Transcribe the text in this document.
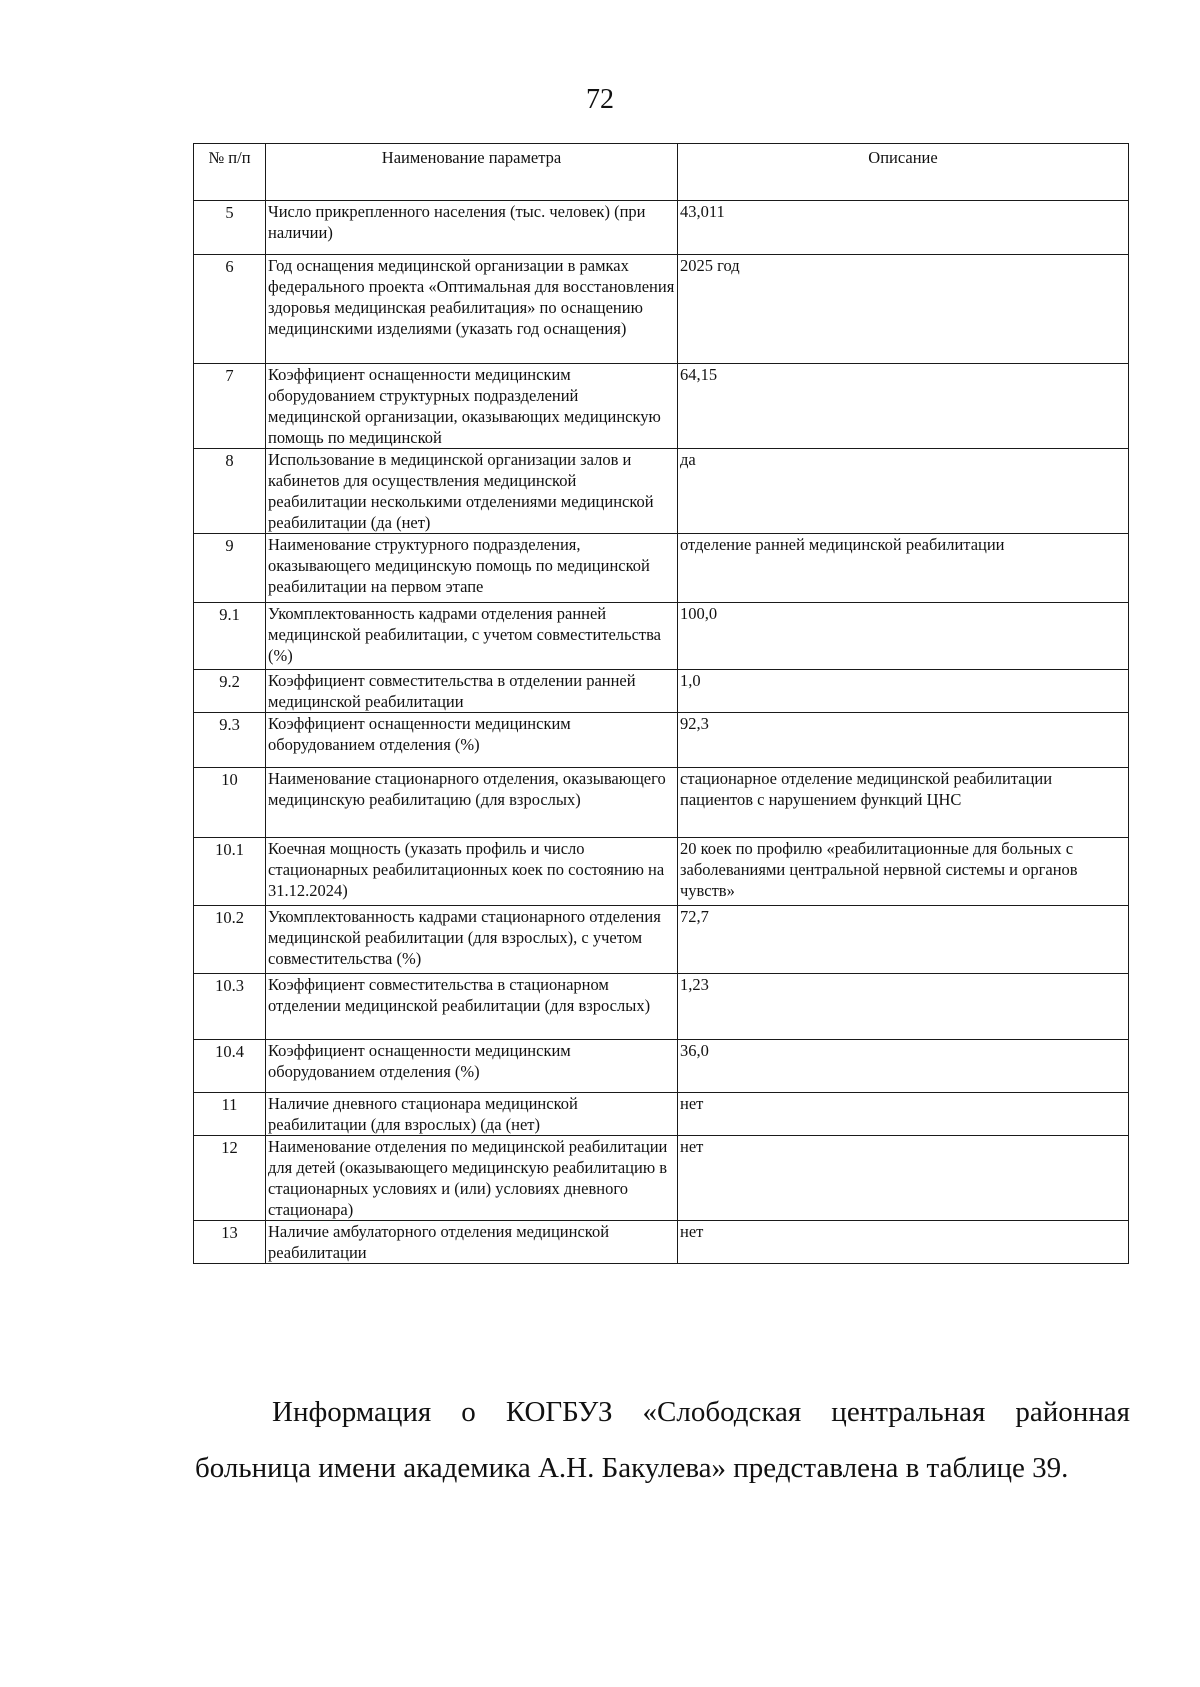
72
№ п/п	Наименование параметра	Описание
5	Число прикрепленного населения (тыс. человек) (при наличии)	43,011
6	Год оснащения медицинской организации в рамках федерального проекта «Оптимальная для восстановления здоровья медицинская реабилитация» по оснащению медицинскими изделиями (указать год оснащения)	2025 год
7	Коэффициент оснащенности медицинским оборудованием структурных подразделений медицинской организации, оказывающих медицинскую помощь по медицинской	64,15
8	Использование в медицинской организации залов и кабинетов для осуществления медицинской реабилитации несколькими отделениями медицинской реабилитации (да (нет)	да
9	Наименование структурного подразделения, оказывающего медицинскую помощь по медицинской реабилитации на первом этапе	отделение ранней медицинской реабилитации
9.1	Укомплектованность кадрами отделения ранней медицинской реабилитации, с учетом совместительства (%)	100,0
9.2	Коэффициент совместительства в отделении ранней медицинской реабилитации	1,0
9.3	Коэффициент оснащенности медицинским оборудованием отделения (%)	92,3
10	Наименование стационарного отделения, оказывающего медицинскую реабилитацию (для взрослых)	стационарное отделение медицинской реабилитации пациентов с нарушением функций ЦНС
10.1	Коечная мощность (указать профиль и число стационарных реабилитационных коек по состоянию на 31.12.2024)	20 коек по профилю «реабилитационные для больных с заболеваниями центральной нервной системы и органов чувств»
10.2	Укомплектованность кадрами стационарного отделения медицинской реабилитации (для взрослых), с учетом совместительства (%)	72,7
10.3	Коэффициент совместительства в стационарном отделении медицинской реабилитации (для взрослых)	1,23
10.4	Коэффициент оснащенности медицинским оборудованием отделения (%)	36,0
11	Наличие дневного стационара медицинской реабилитации (для взрослых) (да (нет)	нет
12	Наименование отделения по медицинской реабилитации для детей (оказывающего медицинскую реабилитацию в стационарных условиях и (или) условиях дневного стационара)	нет
13	Наличие амбулаторного отделения медицинской реабилитации	нет

Информация о КОГБУЗ «Слободская центральная районная больница имени академика А.Н. Бакулева» представлена в таблице 39.
